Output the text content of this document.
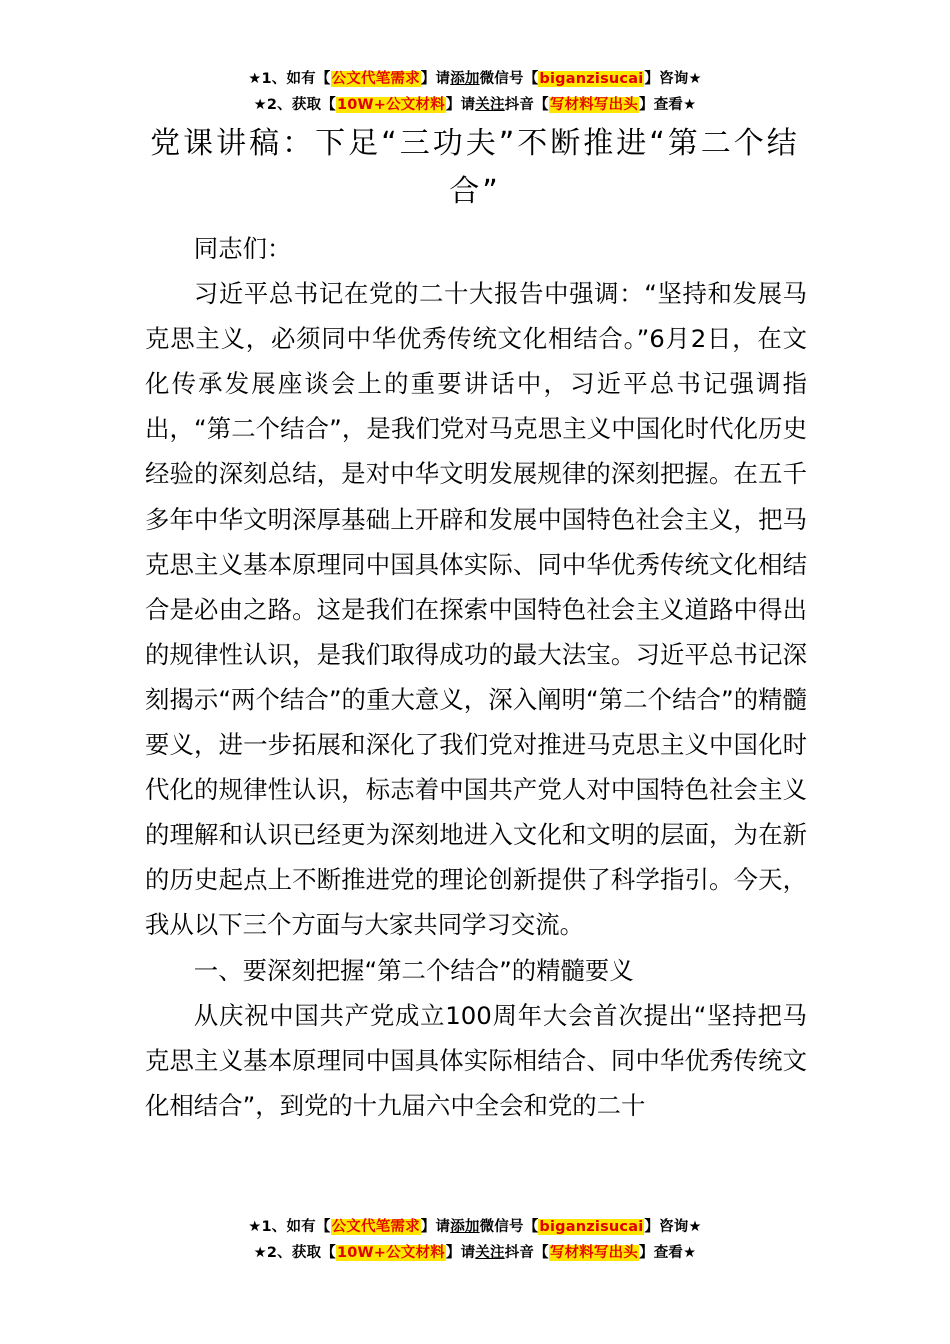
★1、如有【公文代笔需求】请添加微信号【biganzisucai】咨询★
★2、获取【10W+公文材料】请关注抖音【写材料写出头】查看★
党课讲稿：下足“三功夫”不断推进“第二个结合”

同志们：

习近平总书记在党的二十大报告中强调：“坚持和发展马克思主义，必须同中华优秀传统文化相结合。”6月2日，在文化传承发展座谈会上的重要讲话中，习近平总书记强调指出，“第二个结合”，是我们党对马克思主义中国化时代化历史经验的深刻总结，是对中华文明发展规律的深刻把握。在五千多年中华文明深厚基础上开辟和发展中国特色社会主义，把马克思主义基本原理同中国具体实际、同中华优秀传统文化相结合是必由之路。这是我们在探索中国特色社会主义道路中得出的规律性认识，是我们取得成功的最大法宝。习近平总书记深刻揭示“两个结合”的重大意义，深入阐明“第二个结合”的精髓要义，进一步拓展和深化了我们党对推进马克思主义中国化时代化的规律性认识，标志着中国共产党人对中国特色社会主义的理解和认识已经更为深刻地进入文化和文明的层面，为在新的历史起点上不断推进党的理论创新提供了科学指引。今天，我从以下三个方面与大家共同学习交流。

一、要深刻把握“第二个结合”的精髓要义

从庆祝中国共产党成立100周年大会首次提出“坚持把马克思主义基本原理同中国具体实际相结合、同中华优秀传统文化相结合”，到党的十九届六中全会和党的二十

★1、如有【公文代笔需求】请添加微信号【biganzisucai】咨询★
★2、获取【10W+公文材料】请关注抖音【写材料写出头】查看★
